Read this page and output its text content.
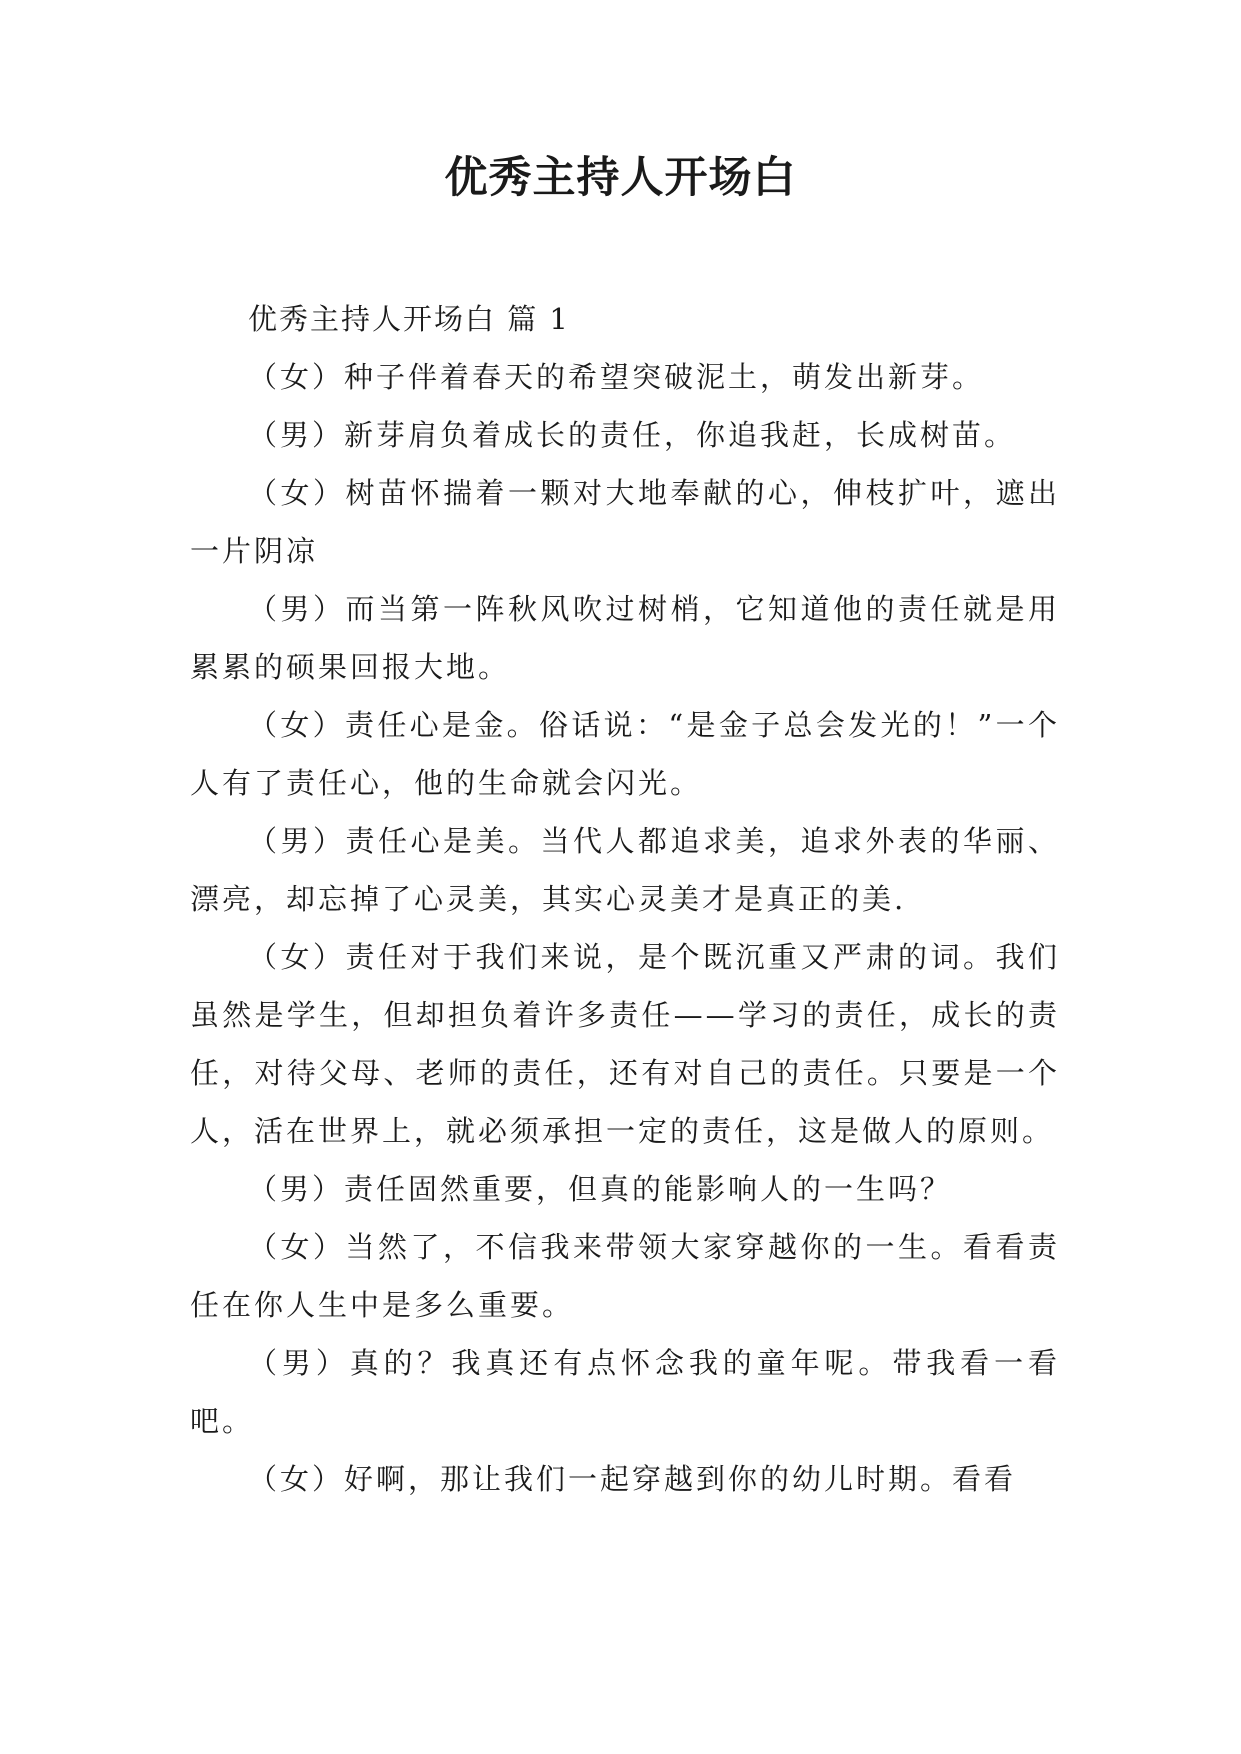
优秀主持人开场白

优秀主持人开场白 篇 1

（女）种子伴着春天的希望突破泥土，萌发出新芽。

（男）新芽肩负着成长的责任，你追我赶，长成树苗。

（女）树苗怀揣着一颗对大地奉献的心，伸枝扩叶，遮出一片阴凉

（男）而当第一阵秋风吹过树梢，它知道他的责任就是用累累的硕果回报大地。

（女）责任心是金。俗话说：“是金子总会发光的！”一个人有了责任心，他的生命就会闪光。

（男）责任心是美。当代人都追求美，追求外表的华丽、漂亮，却忘掉了心灵美，其实心灵美才是真正的美.

（女）责任对于我们来说，是个既沉重又严肃的词。我们虽然是学生，但却担负着许多责任——学习的责任，成长的责任，对待父母、老师的责任，还有对自己的责任。只要是一个人，活在世界上，就必须承担一定的责任，这是做人的原则。

（男）责任固然重要，但真的能影响人的一生吗？

（女）当然了，不信我来带领大家穿越你的一生。看看责任在你人生中是多么重要。

（男）真的？我真还有点怀念我的童年呢。带我看一看吧。

（女）好啊，那让我们一起穿越到你的幼儿时期。看看
